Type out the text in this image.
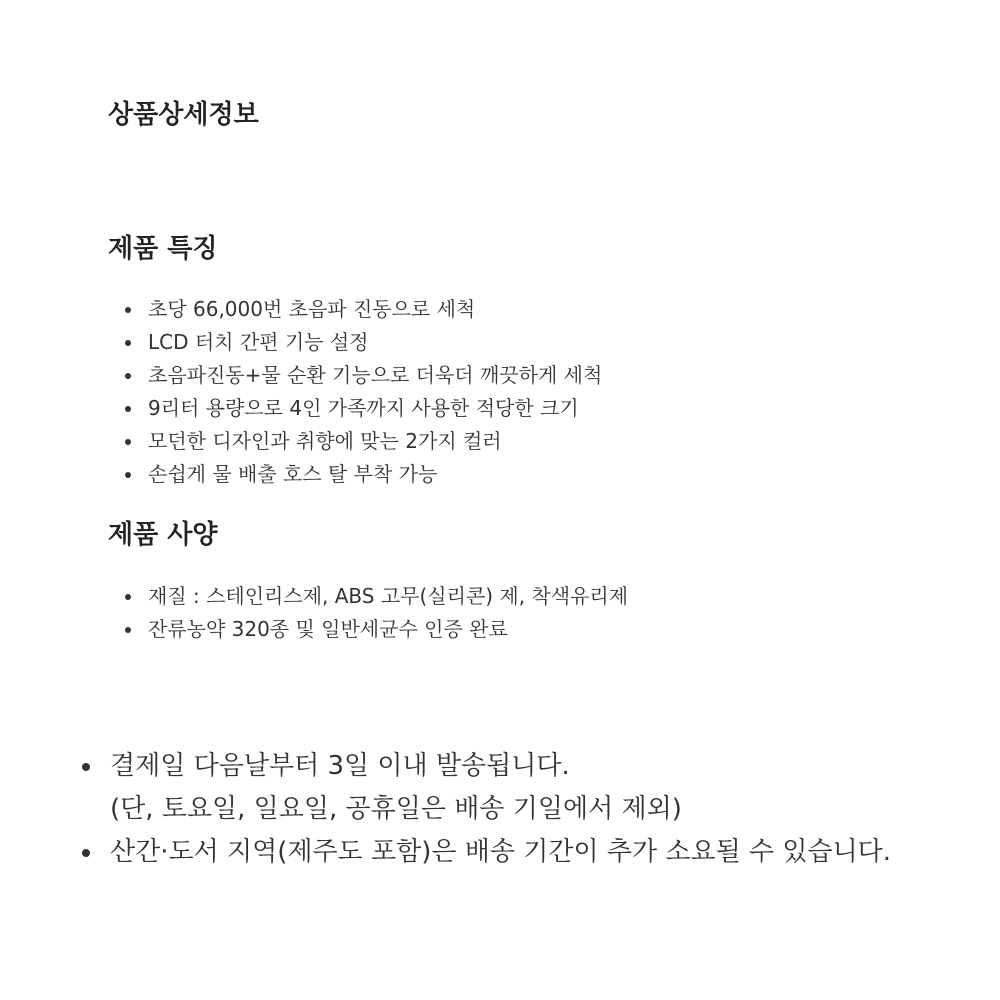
상품상세정보
제품 특징
초당 66,000번 초음파 진동으로 세척
LCD 터치 간편 기능 설정
초음파진동+물 순환 기능으로 더욱더 깨끗하게 세척
9리터 용량으로 4인 가족까지 사용한 적당한 크기
모던한 디자인과 취향에 맞는 2가지 컬러
손쉽게 물 배출 호스 탈 부착 가능
제품 사양
재질 : 스테인리스제, ABS 고무(실리콘) 제, 착색유리제
잔류농약 320종 및 일반세균수 인증 완료
결제일 다음날부터 3일 이내 발송됩니다.
(단, 토요일, 일요일, 공휴일은 배송 기일에서 제외)
산간·도서 지역(제주도 포함)은 배송 기간이 추가 소요될 수 있습니다.
